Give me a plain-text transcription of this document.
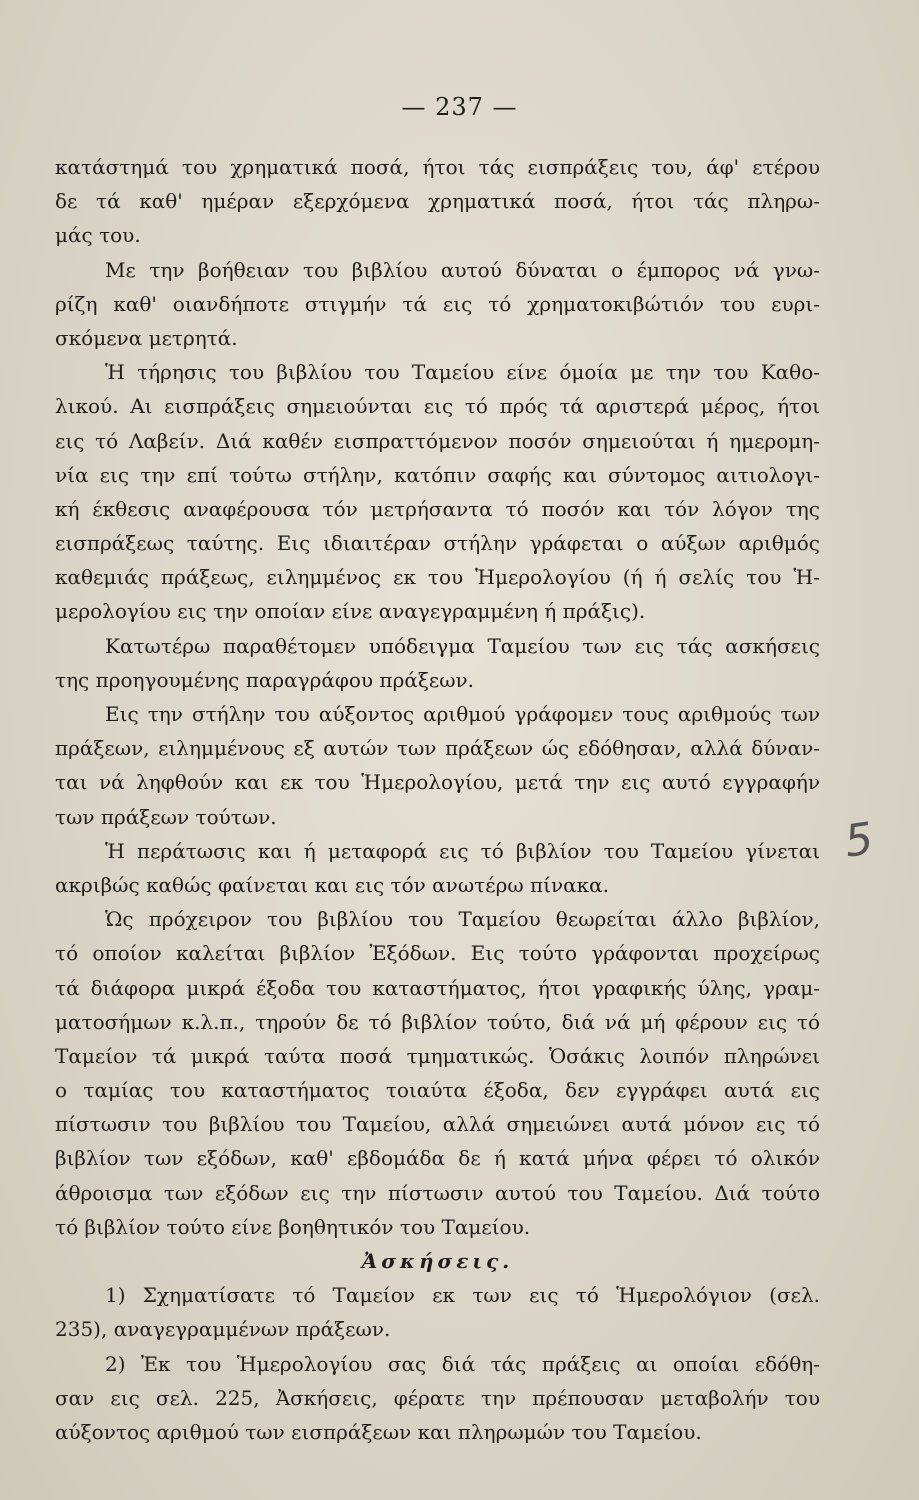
— 237 —
κατάστημά του χρηματικά ποσά, ήτοι τάς εισπράξεις του, άφ' ετέρου
δε τά καθ' ημέραν εξερχόμενα χρηματικά ποσά, ήτοι τάς πληρω-
μάς του.
Με την βοήθειαν του βιβλίου αυτού δύναται ο έμπορος νά γνω-
ρίζη καθ' οιανδήποτε στιγμήν τά εις τό χρηματοκιβώτιόν του ευρι-
σκόμενα μετρητά.
Ἡ τήρησις του βιβλίου του Ταμείου είνε όμοία με την του Καθο-
λικού. Αι εισπράξεις σημειούνται εις τό πρός τά αριστερά μέρος, ήτοι
εις τό Λαβείν. Διά καθέν εισπραττόμενον ποσόν σημειούται ή ημερομη-
νία εις την επί τούτω στήλην, κατόπιν σαφής και σύντομος αιτιολογι-
κή έκθεσις αναφέρουσα τόν μετρήσαντα τό ποσόν και τόν λόγον της
εισπράξεως ταύτης. Εις ιδιαιτέραν στήλην γράφεται ο αύξων αριθμός
καθεμιάς πράξεως, ειλημμένος εκ του Ἡμερολογίου (ή ή σελίς του Ἡ-
μερολογίου εις την οποίαν είνε αναγεγραμμένη ή πράξις).
Κατωτέρω παραθέτομεν υπόδειγμα Ταμείου των εις τάς ασκήσεις
της προηγουμένης παραγράφου πράξεων.
Εις την στήλην του αύξοντος αριθμού γράφομεν τους αριθμούς των
πράξεων, ειλημμένους εξ αυτών των πράξεων ώς εδόθησαν, αλλά δύναν-
ται νά ληφθούν και εκ του Ἡμερολογίου, μετά την εις αυτό εγγραφήν
των πράξεων τούτων.
Ἡ περάτωσις και ή μεταφορά εις τό βιβλίον του Ταμείου γίνεται
ακριβώς καθώς φαίνεται και εις τόν ανωτέρω πίνακα.
Ὡς πρόχειρον του βιβλίου του Ταμείου θεωρείται άλλο βιβλίον,
τό οποίον καλείται βιβλίον Ἐξόδων. Εις τούτο γράφονται προχείρως
τά διάφορα μικρά έξοδα του καταστήματος, ήτοι γραφικής ύλης, γραμ-
ματοσήμων κ.λ.π., τηρούν δε τό βιβλίον τούτο, διά νά μή φέρουν εις τό
Ταμείον τά μικρά ταύτα ποσά τμηματικώς. Ὁσάκις λοιπόν πληρώνει
ο ταμίας του καταστήματος τοιαύτα έξοδα, δεν εγγράφει αυτά εις
πίστωσιν του βιβλίου του Ταμείου, αλλά σημειώνει αυτά μόνον εις τό
βιβλίον των εξόδων, καθ' εβδομάδα δε ή κατά μήνα φέρει τό ολικόν
άθροισμα των εξόδων εις την πίστωσιν αυτού του Ταμείου. Διά τούτο
τό βιβλίον τούτο είνε βοηθητικόν του Ταμείου.
Ἀσκήσεις.
1) Σχηματίσατε τό Ταμείον εκ των εις τό Ἡμερολόγιον (σελ.
235), αναγεγραμμένων πράξεων.
2) Ἐκ του Ἡμερολογίου σας διά τάς πράξεις αι οποίαι εδόθη-
σαν εις σελ. 225, Ἀσκήσεις, φέρατε την πρέπουσαν μεταβολήν του
αύξοντος αριθμού των εισπράξεων και πληρωμών του Ταμείου.
5
